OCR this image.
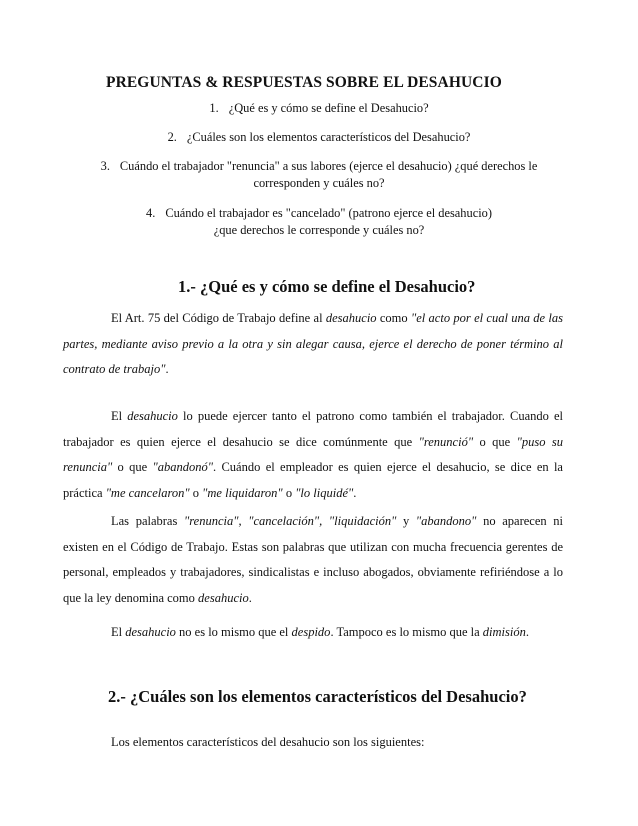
PREGUNTAS & RESPUESTAS SOBRE EL DESAHUCIO
1. ¿Qué es y cómo se define el Desahucio?
2. ¿Cuáles son los elementos característicos del Desahucio?
3. Cuándo el trabajador "renuncia" a sus labores (ejerce el desahucio) ¿qué derechos le
corresponden y cuáles no?
4. Cuándo el trabajador es "cancelado" (patrono ejerce el desahucio)
¿que derechos le corresponde y cuáles no?
1.- ¿Qué es y cómo se define el Desahucio?

El Art. 75 del Código de Trabajo define al desahucio como "el acto por el cual una de las partes, mediante aviso previo a la otra y sin alegar causa, ejerce el derecho de poner término al contrato de trabajo".

El desahucio lo puede ejercer tanto el patrono como también el trabajador. Cuando el trabajador es quien ejerce el desahucio se dice comúnmente que "renunció" o que "puso su renuncia" o que "abandonó". Cuándo el empleador es quien ejerce el desahucio, se dice en la práctica "me cancelaron" o "me liquidaron" o "lo liquidé".

Las palabras "renuncia", "cancelación", "liquidación" y "abandono" no aparecen ni existen en el Código de Trabajo. Estas son palabras que utilizan con mucha frecuencia gerentes de personal, empleados y trabajadores, sindicalistas e incluso abogados, obviamente refiriéndose a lo que la ley denomina como desahucio.

El desahucio no es lo mismo que el despido. Tampoco es lo mismo que la dimisión.

2.- ¿Cuáles son los elementos característicos del Desahucio?
Los elementos característicos del desahucio son los siguientes:
